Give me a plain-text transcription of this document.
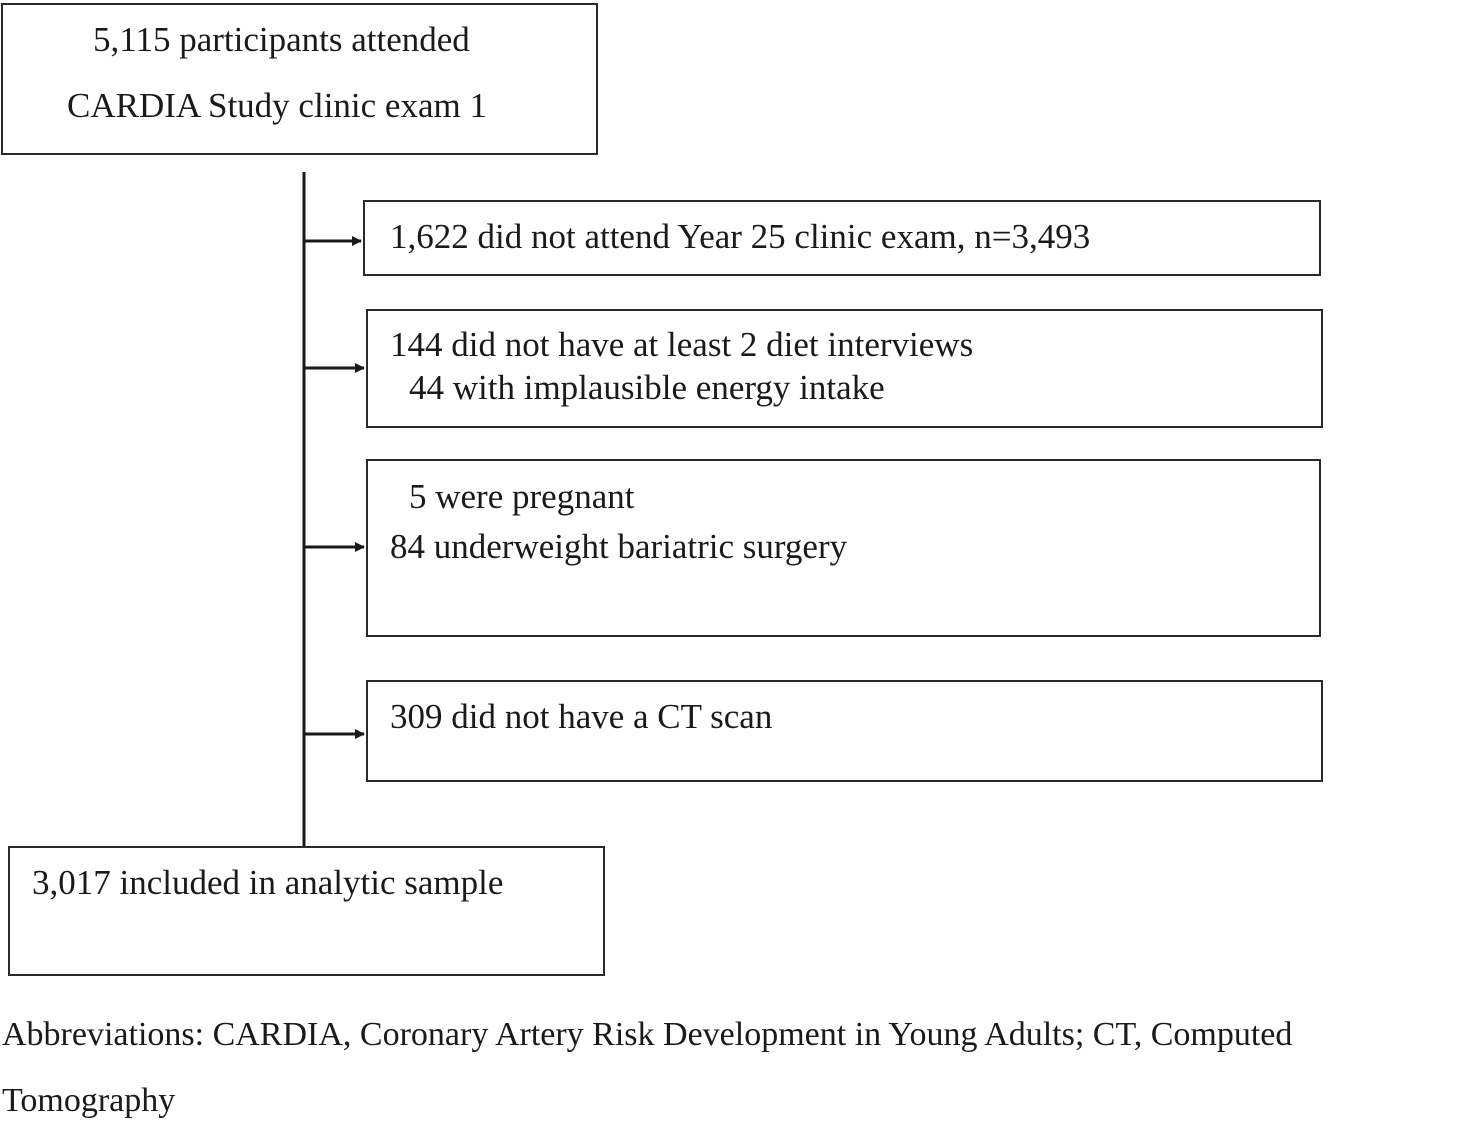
5,115 participants attended
CARDIA Study clinic exam 1
1,622 did not attend Year 25 clinic exam, n=3,493
144 did not have at least 2 diet interviews
44 with implausible energy intake
5 were pregnant
84 underweight bariatric surgery
309 did not have a CT scan
3,017 included in analytic sample
Abbreviations: CARDIA, Coronary Artery Risk Development in Young Adults; CT, Computed
Tomography
